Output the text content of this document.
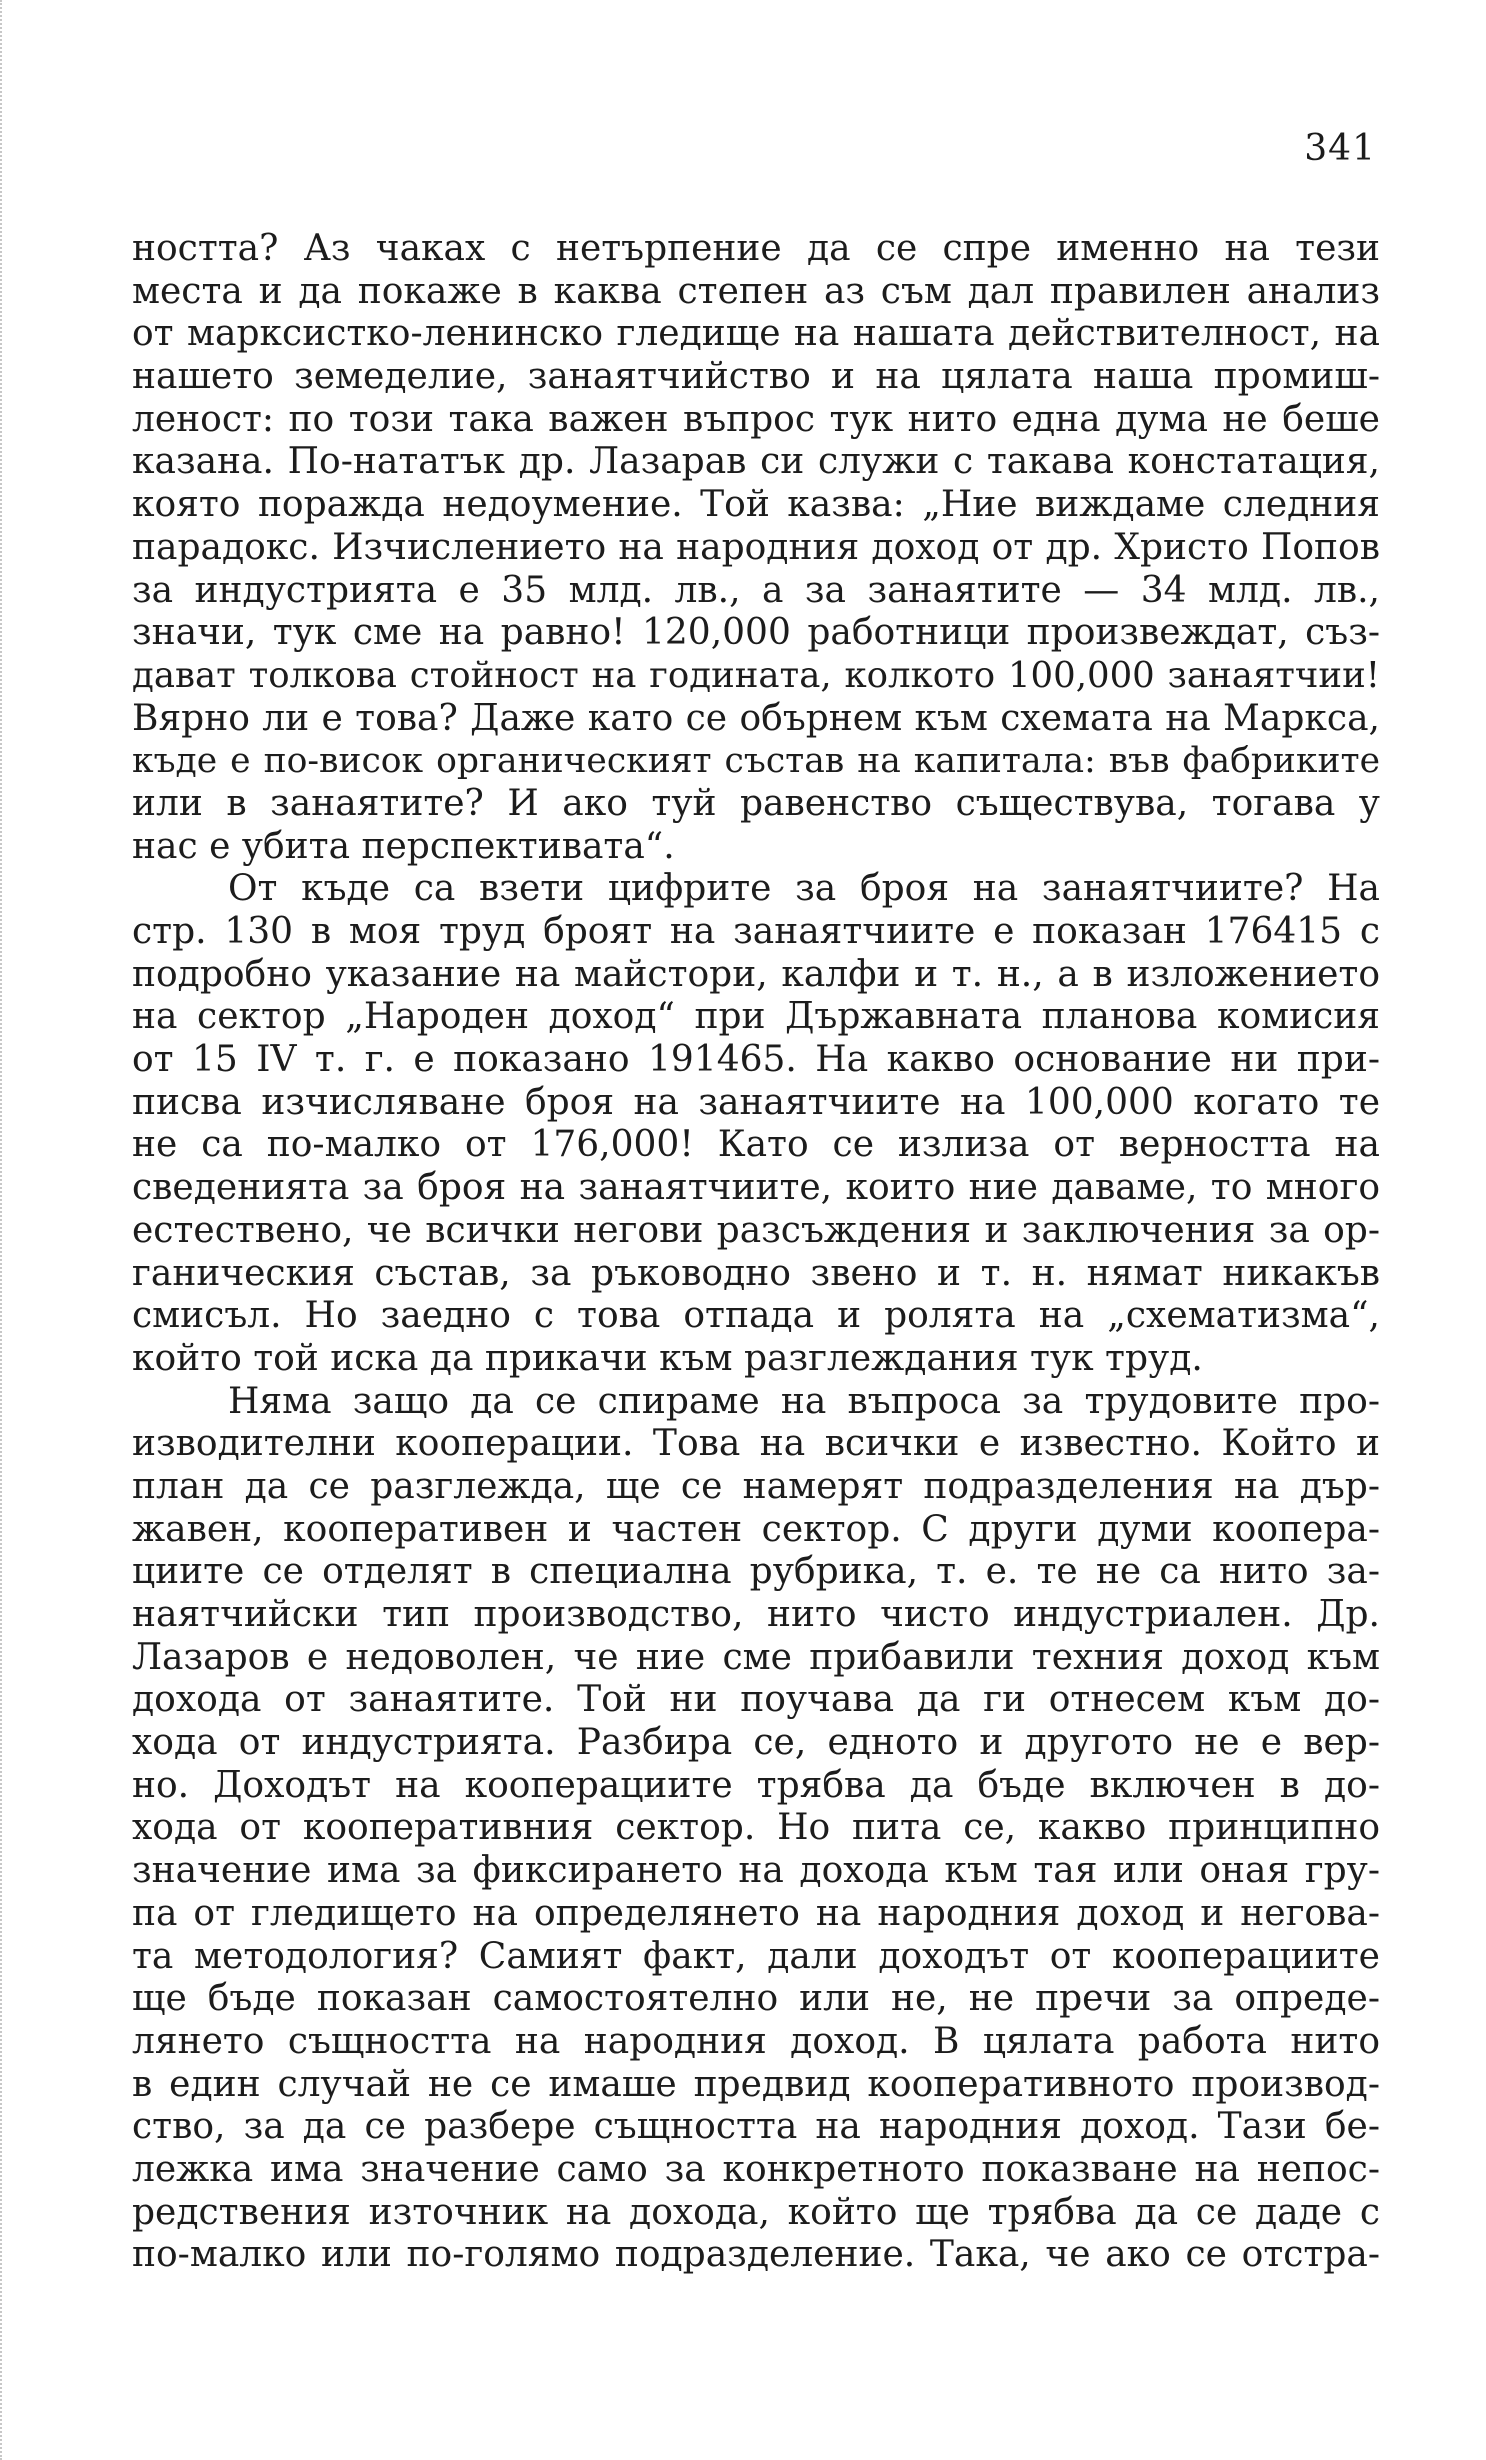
341
ността? Аз чаках с нетърпение да се спре именно на тези
места и да покаже в каква степен аз съм дал правилен анализ
от марксистко-ленинско гледище на нашата действителност, на
нашето земеделие, занаятчийство и на цялата наша промиш-
леност: по този така важен въпрос тук нито една дума не беше
казана. По-нататък др. Лазарав си служи с такава констатация,
която поражда недоумение. Той казва: „Ние виждаме следния
парадокс. Изчислението на народния доход от др. Христо Попов
за индустрията е 35 млд. лв., а за занаятите — 34 млд. лв.,
значи, тук сме на равно! 120,000 работници произвеждат, съз-
дават толкова стойност на годината, колкото 100,000 занаятчии!
Вярно ли е това? Даже като се обърнем към схемата на Маркса,
къде е по-висок органическият състав на капитала: във фабриките
или в занаятите? И ако туй равенство съществува, тогава у
нас е убита перспективата“.
От къде са взети цифрите за броя на занаятчиите? На
стр. 130 в моя труд броят на занаятчиите е показан 176415 с
подробно указание на майстори, калфи и т. н., а в изложението
на сектор „Народен доход“ при Държавната планова комисия
от 15 IV т. г. е показано 191465. На какво основание ни при-
писва изчисляване броя на занаятчиите на 100,000 когато те
не са по-малко от 176,000! Като се излиза от верността на
сведенията за броя на занаятчиите, които ние даваме, то много
естествено, че всички негови разсъждения и заключения за ор-
ганическия състав, за ръководно звено и т. н. нямат никакъв
смисъл. Но заедно с това отпада и ролята на „схематизма“,
който той иска да прикачи към разглеждания тук труд.
Няма защо да се спираме на въпроса за трудовите про-
изводителни кооперации. Това на всички е известно. Който и
план да се разглежда, ще се намерят подразделения на дър-
жавен, кооперативен и частен сектор. С други думи коопера-
циите се отделят в специална рубрика, т. е. те не са нито за-
наятчийски тип производство, нито чисто индустриален. Др.
Лазаров е недоволен, че ние сме прибавили техния доход към
дохода от занаятите. Той ни поучава да ги отнесем към до-
хода от индустрията. Разбира се, едното и другото не е вер-
но. Доходът на кооперациите трябва да бъде включен в до-
хода от кооперативния сектор. Но пита се, какво принципно
значение има за фиксирането на дохода към тая или оная гру-
па от гледището на определянето на народния доход и негова-
та методология? Самият факт, дали доходът от кооперациите
ще бъде показан самостоятелно или не, не пречи за опреде-
лянето същността на народния доход. В цялата работа нито
в един случай не се имаше предвид кооперативното производ-
ство, за да се разбере същността на народния доход. Тази бе-
лежка има значение само за конкретното показване на непос-
редствения източник на дохода, който ще трябва да се даде с
по-малко или по-голямо подразделение. Така, че ако се отстра-
